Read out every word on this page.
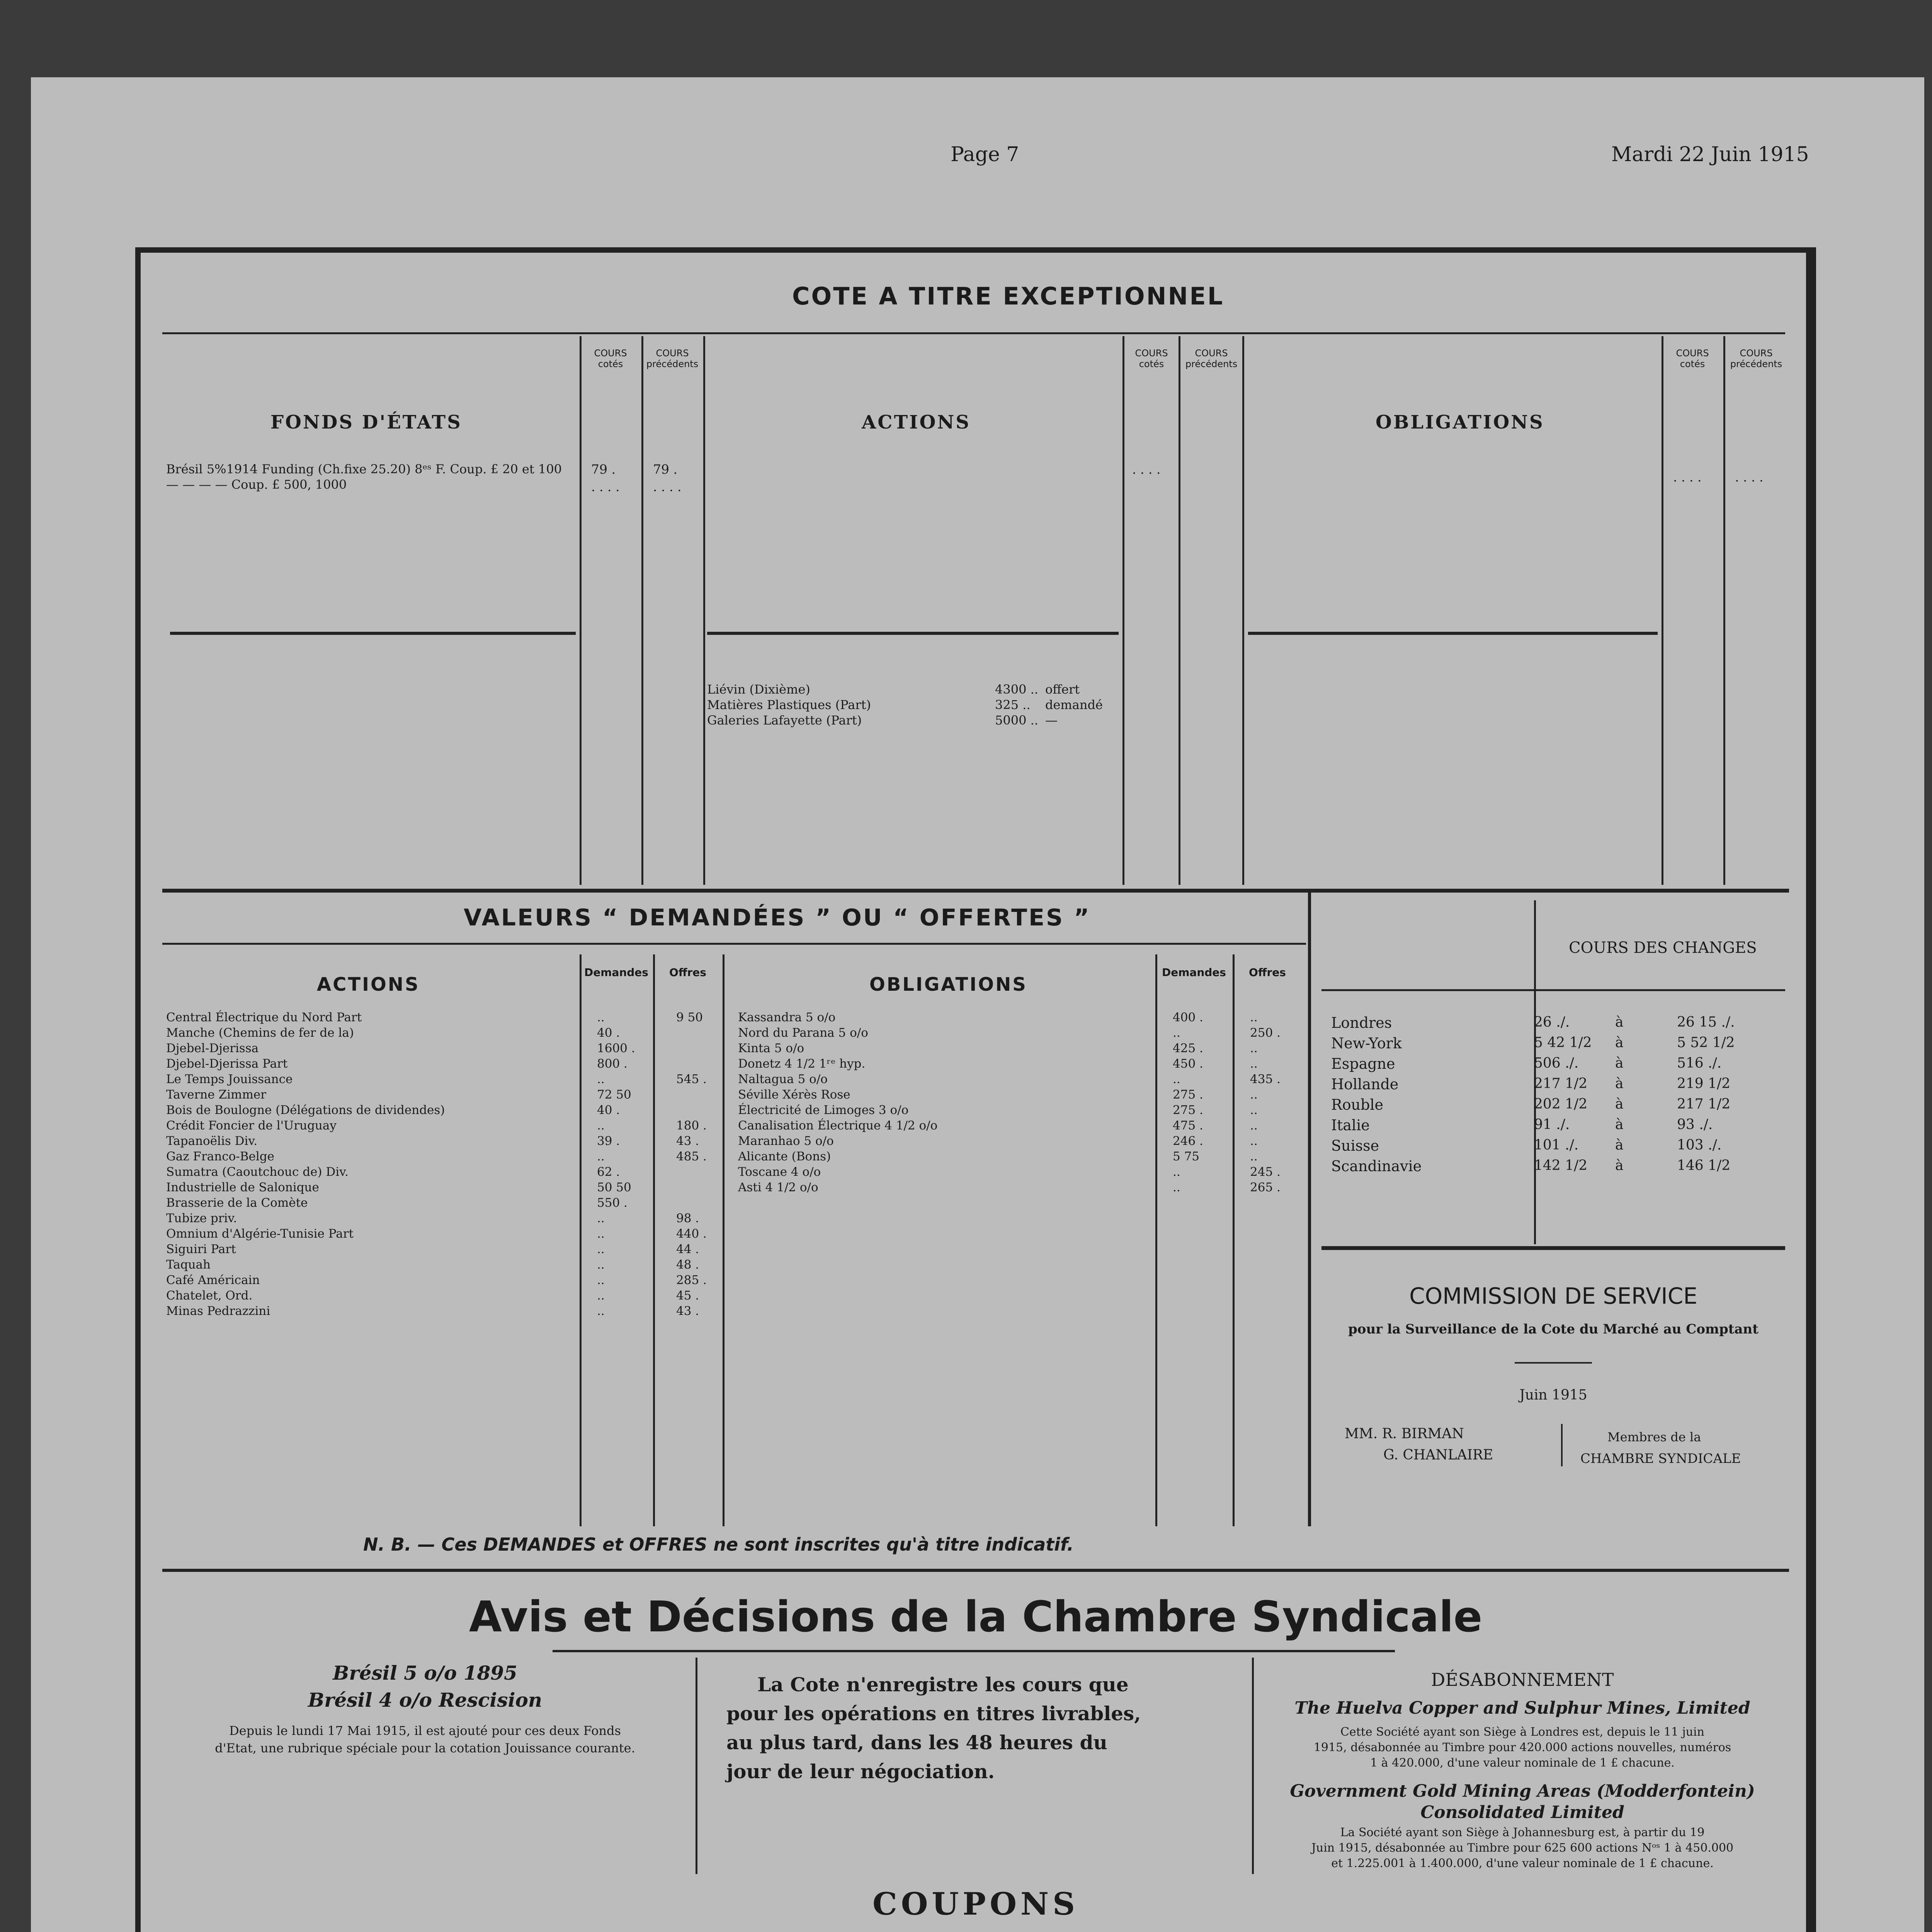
Page 7	Mardi 22 Juin 1915
COTE A TITRE EXCEPTIONNEL
COURS cotés
COURS précédents
COURS cotés
COURS précédents
COURS cotés
COURS précédents
FONDS D'ÉTATS	ACTIONS	OBLIGATIONS
Brésil 5%1914 Funding (Ch.fixe 25.20) 8ᵉˢ F. Coup. £ 20 et 100
— — — — Coup. £ 500, 1000
79 .	79 .
. . . .	. . . .
. . . .
. . . .	. . . .
Liévin (Dixième)	4300 .. offert
Matières Plastiques (Part)	325 .. demandé
Galeries Lafayette (Part)	5000 .. —
VALEURS “ DEMANDÉES ” OU “ OFFERTES ”
ACTIONS	OBLIGATIONS
Demandes	Offres	Demandes	Offres
Central Électrique du Nord Part	..	9 50
Manche (Chemins de fer de la)	40 .
Djebel-Djerissa	1600 .
Djebel-Djerissa Part	800 .
Le Temps Jouissance	..	545 .
Taverne Zimmer	72 50
Bois de Boulogne (Délégations de dividendes)	40 .
Crédit Foncier de l'Uruguay	..	180 .
Tapanoëlis Div.	39 .	43 .
Gaz Franco-Belge	..	485 .
Sumatra (Caoutchouc de) Div.	62 .
Industrielle de Salonique	50 50
Brasserie de la Comète	550 .
Tubize priv.	..	98 .
Omnium d'Algérie-Tunisie Part	..	440 .
Siguiri Part	..	44 .
Taquah	..	48 .
Café Américain	..	285 .
Chatelet, Ord.	..	45 .
Minas Pedrazzini	..	43 .
Kassandra 5 o/o	400 .	..
Nord du Parana 5 o/o	..	250 .
Kinta 5 o/o	425 .	..
Donetz 4 1/2 1ʳᵉ hyp.	450 .	..
Naltagua 5 o/o	..	435 .
Séville Xérès Rose	275 .	..
Électricité de Limoges 3 o/o	275 .	..
Canalisation Électrique 4 1/2 o/o	475 .	..
Maranhao 5 o/o	246 .	..
Alicante (Bons)	5 75	..
Toscane 4 o/o	..	245 .
Asti 4 1/2 o/o	..	265 .
N. B. — Ces DEMANDES et OFFRES ne sont inscrites qu'à titre indicatif.
COURS DES CHANGES
Londres	26 ./.	à	26 15 ./.
New-York	5 42 1/2 à	5 52 1/2
Espagne	506 ./.	à	516 ./.
Hollande	217 1/2 à	219 1/2
Rouble	202 1/2 à	217 1/2
Italie	91 ./.	à	93 ./.
Suisse	101 ./.	à	103 ./.
Scandinavie	142 1/2 à	146 1/2
COMMISSION DE SERVICE
pour la Surveillance de la Cote du Marché au Comptant
Juin 1915
MM. R. BIRMAN
G. CHANLAIRE
Membres de la
CHAMBRE SYNDICALE
Avis et Décisions de la Chambre Syndicale
Brésil 5 o/o 1895
Brésil 4 o/o Rescision
Depuis le lundi 17 Mai 1915, il est ajouté pour ces deux Fonds
d'Etat, une rubrique spéciale pour la cotation Jouissance courante.
La Cote n'enregistre les cours que
pour les opérations en titres livrables,
au plus tard, dans les 48 heures du
jour de leur négociation.
DÉSABONNEMENT
The Huelva Copper and Sulphur Mines, Limited
Cette Société ayant son Siège à Londres est, depuis le 11 juin
1915, désabonnée au Timbre pour 420.000 actions nouvelles, numéros
1 à 420.000, d'une valeur nominale de 1 £ chacune.
Government Gold Mining Areas (Modderfontein)
Consolidated Limited
La Société ayant son Siège à Johannesburg est, à partir du 19
Juin 1915, désabonnée au Timbre pour 625 600 actions Nᵒˢ 1 à 450.000
et 1.225.001 à 1.400.000, d'une valeur nominale de 1 £ chacune.
COUPONS
